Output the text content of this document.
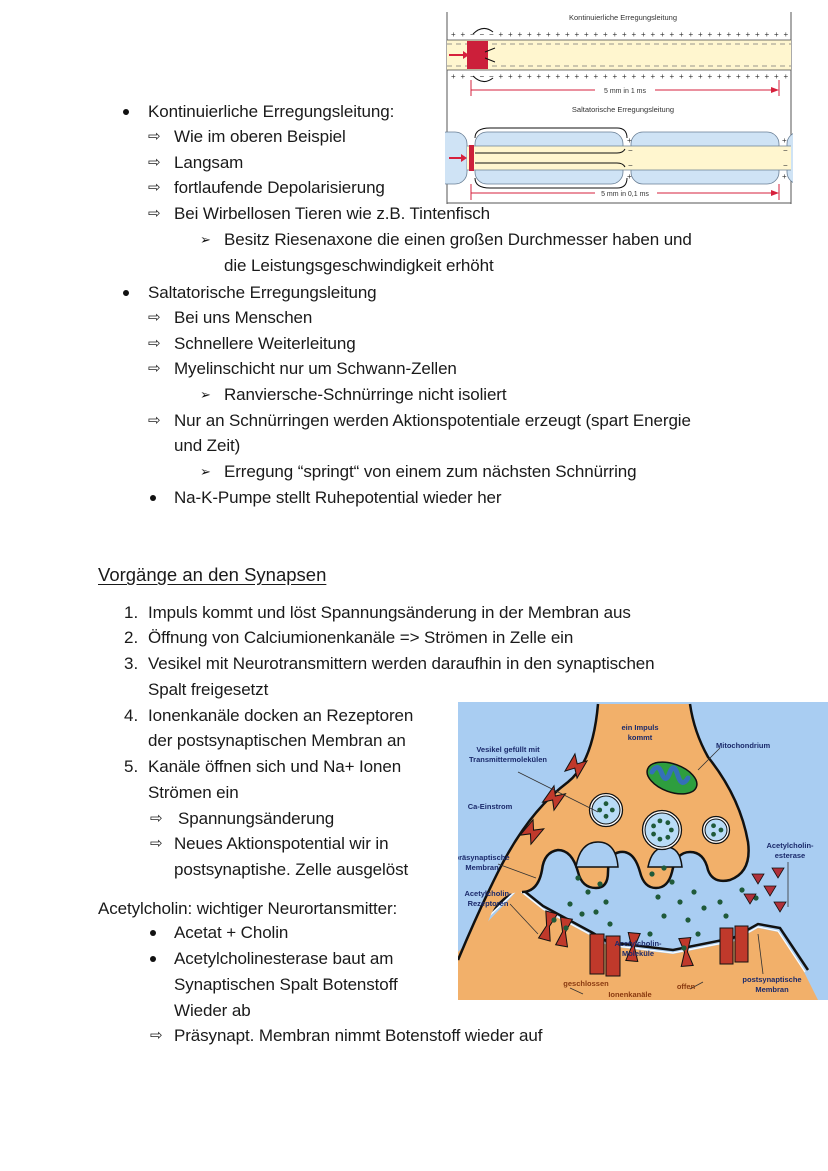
Kontinuierliche Erregungsleitung
+ + − − − + + + + + + + + + + + + + + + + + + + + + + + + + + + + + + +
+ + − − − + + + + + + + + + + + + + + + + + + + + + + + + + + + + + + +
5 mm in 1 ms
Saltatorische Erregungsleitung
+
+
−
−
+
+
−
−
5 mm in 0,1 ms
Kontinuierliche Erregungsleitung:
⇨ Wie im oberen Beispiel
⇨ Langsam
⇨ fortlaufende Depolarisierung
⇨ Bei Wirbellosen Tieren wie z.B. Tintenfisch
➢ Besitz Riesenaxone die einen großen Durchmesser haben und
die Leistungsgeschwindigkeit erhöht
Saltatorische Erregungsleitung
⇨ Bei uns Menschen
⇨ Schnellere Weiterleitung
⇨ Myelinschicht nur um Schwann-Zellen
➢ Ranviersche-Schnürringe nicht isoliert
⇨ Nur an Schnürringen werden Aktionspotentiale erzeugt (spart Energie
und Zeit)
➢ Erregung “springt“ von einem zum nächsten Schnürring
Na-K-Pumpe stellt Ruhepotential wieder her
Vorgänge an den Synapsen
1. Impuls kommt und löst Spannungsänderung in der Membran aus
2. Öffnung von Calciumionenkanäle => Strömen in Zelle ein
3. Vesikel mit Neurotransmittern werden daraufhin in den synaptischen
Spalt freigesetzt
4. Ionenkanäle docken an Rezeptoren
der postsynaptischen Membran an
5. Kanäle öffnen sich und Na+ Ionen
Strömen ein
⇨ Spannungsänderung
⇨ Neues Aktionspotential wir in
postsynaptishe. Zelle ausgelöst
Acetylcholin: wichtiger Neurortansmitter:
Acetat + Cholin
Acetylcholinesterase baut am
Synaptischen Spalt Botenstoff
Wieder ab
⇨ Präsynapt. Membran nimmt Botenstoff wieder auf
ein Impuls
kommt
Vesikel gefüllt mit
Transmittermolekülen
Mitochondrium
Ca-Einstrom
Acetylcholin-
esterase
präsynaptische
Membran
Acetylcholin-
Rezeptoren
Acetylcholin-
Moleküle
postsynaptische
Membran
geschlossen
Ionenkanäle
offen
